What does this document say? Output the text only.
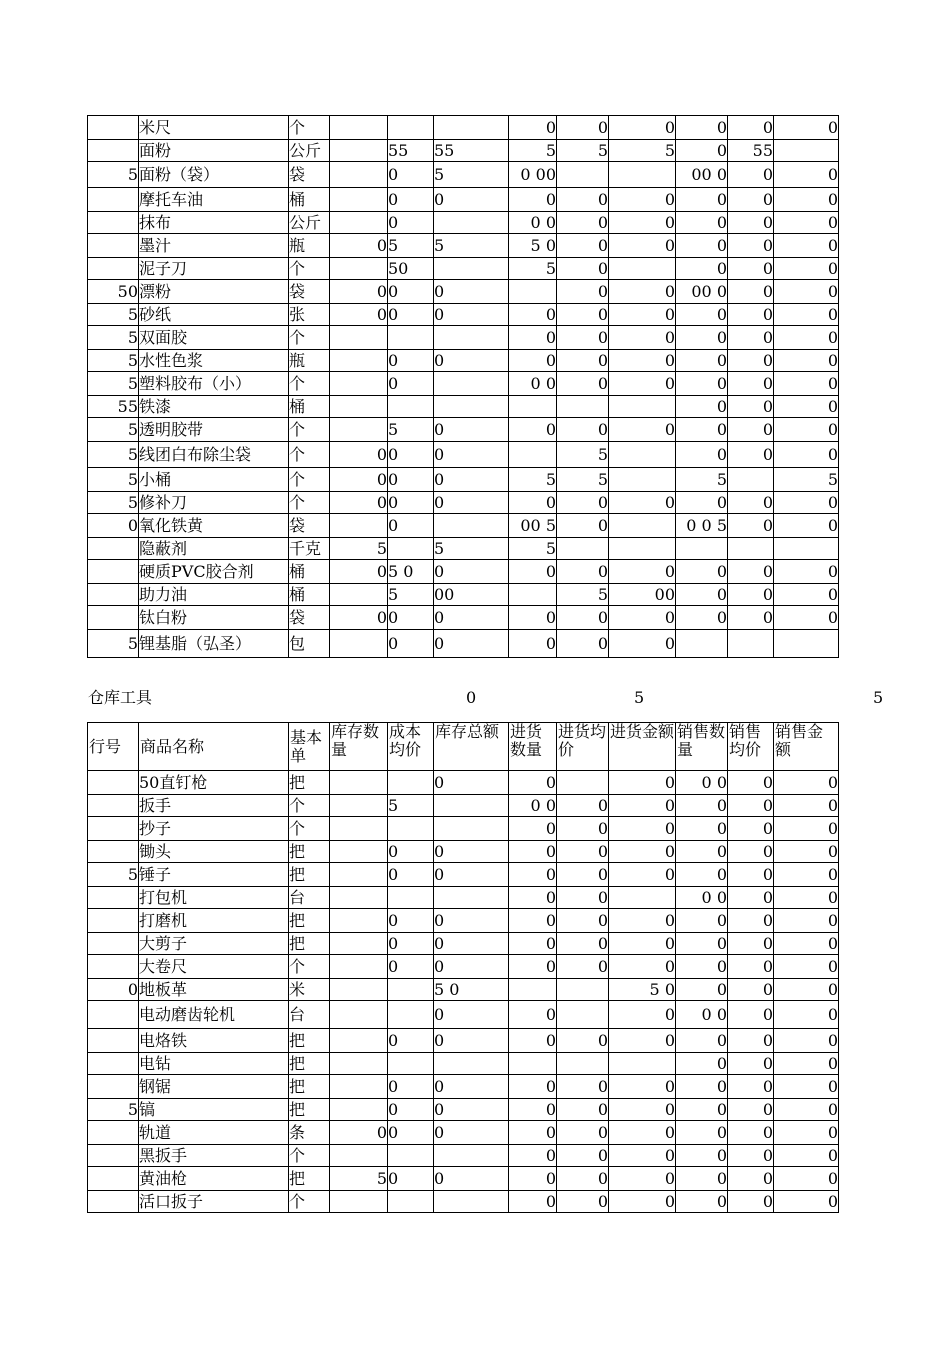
	米尺	个				0	0	0	0	0	0
	面粉	公斤		55	55	5	5	5	0	55	
5	面粉（袋）	袋		0	5	0 00			00 0	0	0
	摩托车油	桶		0	0	0	0	0	0	0	0
	抹布	公斤		0		0 0	0	0	0	0	0
	墨汁	瓶	0	5	5	5 0	0	0	0	0	0
	泥子刀	个		50		5	0		0	0	0
50	漂粉	袋	0	0	0		0	0	00 0	0	0
5	砂纸	张	0	0	0	0	0	0	0	0	0
5	双面胶	个				0	0	0	0	0	0
5	水性色浆	瓶		0	0	0	0	0	0	0	0
5	塑料胶布（小）	个		0		0 0	0	0	0	0	0
55	铁漆	桶							0	0	0
5	透明胶带	个		5	0	0	0	0	0	0	0
5	线团白布除尘袋	个	0	0	0		5		0	0	0
5	小桶	个	0	0	0	5	5		5		5
5	修补刀	个	0	0	0	0	0	0	0	0	0
0	氧化铁黄	袋		0		00 5	0		0 0 5	0	0
	隐蔽剂	千克	5		5	5					
	硬质PVC胶合剂	桶	0	5 0	0	0	0	0	0	0	0
	助力油	桶		5	00		5	00	0	0	0
	钛白粉	袋	0	0	0	0	0	0	0	0	0
5	锂基脂（弘圣）	包		0	0	0	0	0			
仓库工具	0	5	5
行号	商品名称	基本单	库存数量	成本均价	库存总额	进货数量	进货均价	进货金额	销售数量	销售均价	销售金额
	50直钉枪	把			0	0		0	0 0	0	0
	扳手	个		5		0 0	0	0	0	0	0
	抄子	个				0	0	0	0	0	0
	锄头	把		0	0	0	0	0	0	0	0
5	锤子	把		0	0	0	0	0	0	0	0
	打包机	台				0	0		0 0	0	0
	打磨机	把		0	0	0	0	0	0	0	0
	大剪子	把		0	0	0	0	0	0	0	0
	大卷尺	个		0	0	0	0	0	0	0	0
0	地板革	米			5 0			5 0	0	0	0
	电动磨齿轮机	台			0	0		0	0 0	0	0
	电烙铁	把		0	0	0	0	0	0	0	0
	电钻	把							0	0	0
	钢锯	把		0	0	0	0	0	0	0	0
5	镐	把		0	0	0	0	0	0	0	0
	轨道	条	0	0	0	0	0	0	0	0	0
	黑扳手	个				0	0	0	0	0	0
	黄油枪	把	5	0	0	0	0	0	0	0	0
	活口扳子	个				0	0	0	0	0	0
